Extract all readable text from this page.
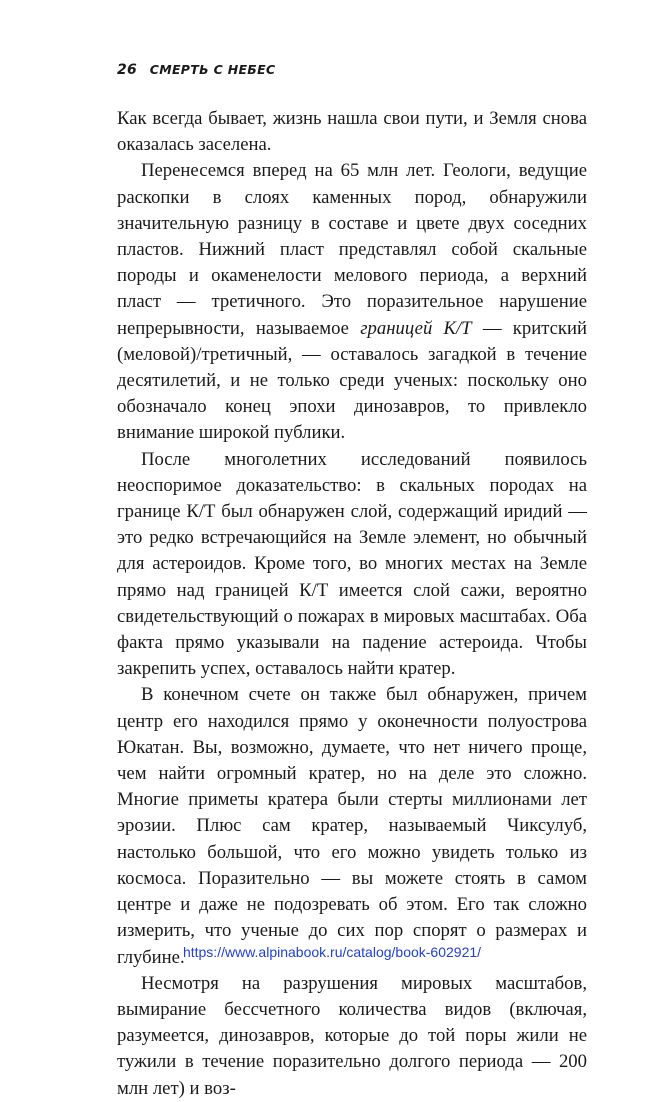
26 СМЕРТЬ С НЕБЕС

Как всегда бывает, жизнь нашла свои пути, и Земля снова оказалась заселена.

Перенесемся вперед на 65 млн лет. Геологи, ведущие раскопки в слоях каменных пород, обнаружили значительную разницу в составе и цвете двух соседних пластов. Нижний пласт представлял собой скальные породы и окаменелости мелового периода, а верхний пласт — третичного. Это поразительное нарушение непрерывности, называемое границей К/Т — критский (меловой)/третичный, — оставалось загадкой в течение десятилетий, и не только среди ученых: поскольку оно обозначало конец эпохи динозавров, то привлекло внимание широкой публики.

После многолетних исследований появилось неоспоримое доказательство: в скальных породах на границе К/Т был обнаружен слой, содержащий иридий — это редко встречающийся на Земле элемент, но обычный для астероидов. Кроме того, во многих местах на Земле прямо над границей К/Т имеется слой сажи, вероятно свидетельствующий о пожарах в мировых масштабах. Оба факта прямо указывали на падение астероида. Чтобы закрепить успех, оставалось найти кратер.

В конечном счете он также был обнаружен, причем центр его находился прямо у оконечности полуострова Юкатан. Вы, возможно, думаете, что нет ничего проще, чем найти огромный кратер, но на деле это сложно. Многие приметы кратера были стерты миллионами лет эрозии. Плюс сам кратер, называемый Чиксулуб, настолько большой, что его можно увидеть только из космоса. Поразительно — вы можете стоять в самом центре и даже не подозревать об этом. Его так сложно измерить, что ученые до сих пор спорят о размерах и глубине.

Несмотря на разрушения мировых масштабов, вымирание бессчетного количества видов (включая, разумеется, динозавров, которые до той поры жили не тужили в течение поразительно долгого периода — 200 млн лет) и воз-

https://www.alpinabook.ru/catalog/book-602921/
